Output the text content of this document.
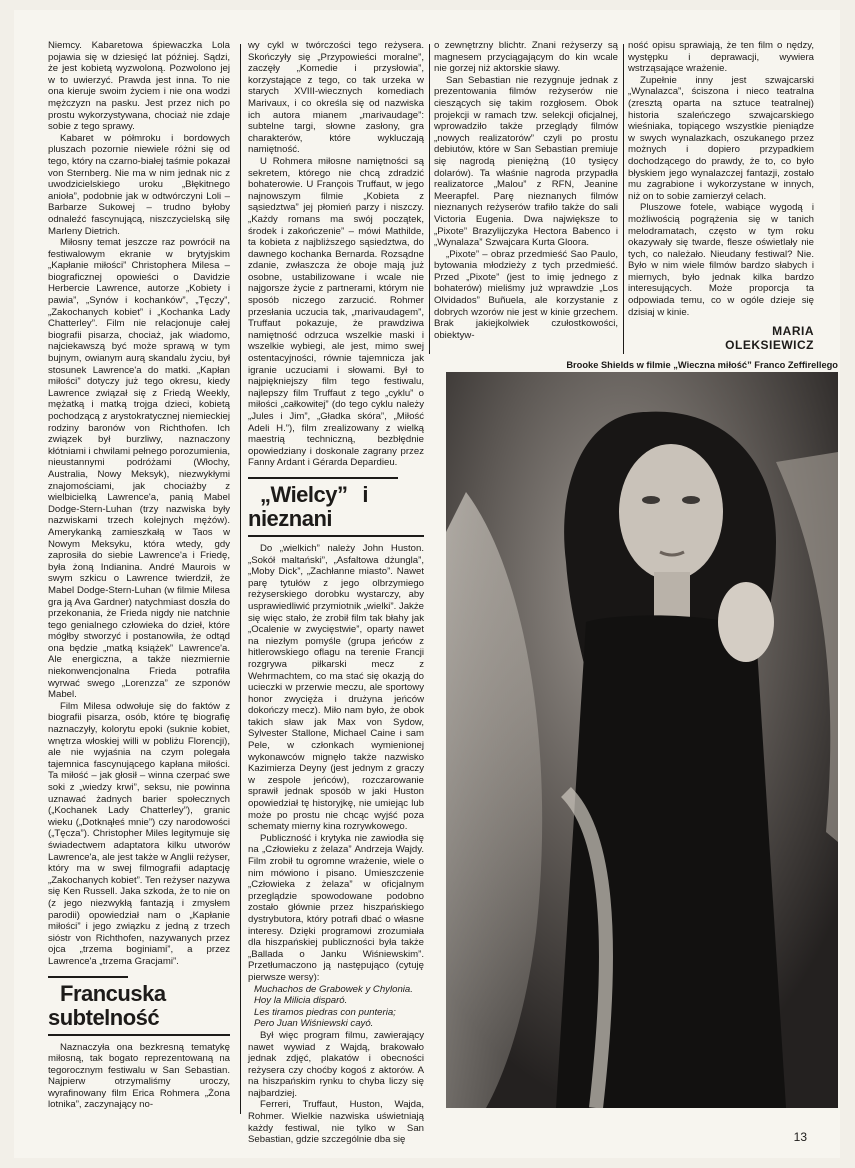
Niemcy. Kabaretowa śpiewaczka Lola pojawia się w dziesięć lat później. Sądzi, że jest kobietą wyzwoloną. Pozwolono jej w to uwierzyć. Prawda jest inna. To nie ona kieruje swoim życiem i nie ona wodzi mężczyzn na pasku. Jest przez nich po prostu wykorzystywana, chociaż nie zdaje sobie z tego sprawy.

Kabaret w półmroku i bordowych pluszach pozornie niewiele różni się od tego, który na czarno-białej taśmie pokazał von Sternberg. Nie ma w nim jednak nic z uwodzicielskiego uroku „Błękitnego anioła”, podobnie jak w odtwórczyni Loli – Barbarze Sukowej – trudno byłoby odnaleźć fascynującą, niszczycielską siłę Marleny Dietrich.

Miłosny temat jeszcze raz powrócił na festiwalowym ekranie w brytyjskim „Kapłanie miłości” Christophera Milesa – biograficznej opowieści o Davidzie Herbercie Lawrence, autorze „Kobiety i pawia”, „Synów i kochanków”, „Tęczy”, „Zakochanych kobiet” i „Kochanka Lady Chatterley”. Film nie relacjonuje całej biografii pisarza, chociaż, jak wiadomo, najciekawszą być może sprawą w tym bujnym, owianym aurą skandalu życiu, był stosunek Lawrence'a do matki. „Kapłan miłości” dotyczy już tego okresu, kiedy Lawrence związał się z Friedą Weekly, mężatką i matką trojga dzieci, kobietą pochodzącą z arystokratycznej niemieckiej rodziny baronów von Richthofen. Ich związek był burzliwy, naznaczony kłótniami i chwilami pełnego porozumienia, nieustannymi podróżami (Włochy, Australia, Nowy Meksyk), niezwykłymi znajomościami, jak chociażby z wielbicielką Lawrence'a, panią Mabel Dodge-Stern-Luhan (trzy nazwiska były nazwiskami trzech kolejnych mężów). Amerykanką zamieszkałą w Taos w Nowym Meksyku, która wtedy, gdy zaprosiła do siebie Lawrence'a i Friedę, była żoną Indianina. André Maurois w swym szkicu o Lawrence twierdził, że Mabel Dodge-Stern-Luhan (w filmie Milesa gra ją Ava Gardner) natychmiast doszła do przekonania, że Frieda nigdy nie natchnie tego genialnego człowieka do dzieł, które mógłby stworzyć i postanowiła, że odtąd ona będzie „matką książek” Lawrence'a. Ale energiczna, a także niezmiernie niekonwencjonalna Frieda potrafiła wyrwać swego „Lorenzza” ze szponów Mabel.

Film Milesa odwołuje się do faktów z biografii pisarza, osób, które tę biografię naznaczyły, kolorytu epoki (suknie kobiet, wnętrza włoskiej willi w pobliżu Florencji), ale nie wyjaśnia na czym polegała tajemnica fascynującego kapłana miłości. Ta miłość – jak głosił – winna czerpać swe soki z „wiedzy krwi”, seksu, nie powinna uznawać żadnych barier społecznych („Kochanek Lady Chatterley”), granic wieku („Dotknąłeś mnie”) czy narodowości („Tęcza”). Christopher Miles legitymuje się świadectwem adaptatora kilku utworów Lawrence'a, ale jest także w Anglii reżyser, który ma w swej filmografii adaptację „Zakochanych kobiet”. Ten reżyser nazywa się Ken Russell. Jaka szkoda, że to nie on (z jego niezwykłą fantazją i zmysłem parodii) opowiedział nam o „Kapłanie miłości” i jego związku z jedną z trzech sióstr von Richthofen, nazywanych przez ojca „trzema boginiami”, a przez Lawrence'a „trzema Gracjami”.

Francuska subtelność

Naznaczyła ona bezkresną tematykę miłosną, tak bogato reprezentowaną na tegorocznym festiwalu w San Sebastian. Najpierw otrzymaliśmy uroczy, wyrafinowany film Erica Rohmera „Żona lotnika”, zaczynający no-

wy cykl w twórczości tego reżysera. Skończyły się „Przypowieści moralne”, zaczęły „Komedie i przysłowia”, korzystające z tego, co tak urzeka w starych XVIII-wiecznych komediach Marivaux, i co określa się od nazwiska ich autora mianem „marivaudage”: subtelne targi, słowne zasłony, gra charakterów, które wykluczają namiętność.

U Rohmera miłosne namiętności są sekretem, którego nie chcą zdradzić bohaterowie. U François Truffaut, w jego najnowszym filmie „Kobieta z sąsiedztwa” jej płomień parzy i niszczy. „Każdy romans ma swój początek, środek i zakończenie” – mówi Mathilde, ta kobieta z najbliższego sąsiedztwa, do dawnego kochanka Bernarda. Rozsądne zdanie, zwłaszcza że oboje mają już osobne, ustabilizowane i wcale nie najgorsze życie z partnerami, którym nie sposób niczego zarzucić. Rohmer przesłania uczucia tak, „marivaudagem”, Truffaut pokazuje, że prawdziwa namiętność odrzuca wszelkie maski i wszelkie wybiegi, ale jest, mimo swej ostentacyjności, równie tajemnicza jak igranie uczuciami i słowami. Był to najpiękniejszy film tego festiwalu, najlepszy film Truffaut z tego „cyklu” o miłości „całkowitej” (do tego cyklu należy „Jules i Jim”, „Gładka skóra”, „Miłość Adeli H.”), film zrealizowany z wielką maestrią techniczną, bezbłędnie opowiedziany i doskonale zagrany przez Fanny Ardant i Gérarda Depardieu.

„Wielcy” i nieznani

Do „wielkich” należy John Huston. „Sokół maltański”, „Asfaltowa dżungla”, „Moby Dick”, „Zachłanne miasto”. Nawet parę tytułów z jego olbrzymiego reżyserskiego dorobku wystarczy, aby usprawiedliwić przymiotnik „wielki”. Jakże się więc stało, że zrobił film tak błahy jak „Ocalenie w zwycięstwie”, oparty nawet na niezłym pomyśle (grupa jeńców z hitlerowskiego oflagu na terenie Francji rozgrywa piłkarski mecz z Wehrmachtem, co ma stać się okazją do ucieczki w przerwie meczu, ale sportowy honor zwycięża i drużyna jeńców dokończy mecz). Miło nam było, że obok takich sław jak Max von Sydow, Sylvester Stallone, Michael Caine i sam Pele, w członkach wymienionej wykonawców mignęło także nazwisko Kazimierza Deyny (jest jednym z graczy w zespole jeńców), rozczarowanie sprawił jednak sposób w jaki Huston opowiedział tę historyjkę, nie umiejąc lub może po prostu nie chcąc wyjść poza schematy mierny kina rozrywkowego.

Publiczność i krytyka nie zawiodła się na „Człowieku z żelaza” Andrzeja Wajdy. Film zrobił tu ogromne wrażenie, wiele o nim mówiono i pisano. Umieszczenie „Człowieka z żelaza” w oficjalnym przeglądzie spowodowane podobno zostało głównie przez hiszpańskiego dystrybutora, który potrafi dbać o własne interesy. Dzięki programowi zrozumiała dla hiszpańskiej publiczności była także „Ballada o Janku Wiśniewskim”. Przetłumaczono ją następująco (cytuję pierwsze wersy):

Muchachos de Grabowek y Chylonia.

Hoy la Milicia disparó.

Les tiramos piedras con punteria;

Pero Juan Wiśniewski cayó.

Był więc program filmu, zawierający nawet wywiad z Wajdą, brakowało jednak zdjęć, plakatów i obecności reżysera czy choćby kogoś z aktorów. A na hiszpańskim rynku to chyba liczy się najbardziej.

Ferreri, Truffaut, Huston, Wajda, Rohmer. Wielkie nazwiska uświetniają każdy festiwal, nie tylko w San Sebastian, gdzie szczególnie dba się

o zewnętrzny blichtr. Znani reżyserzy są magnesem przyciągającym do kin wcale nie gorzej niż aktorskie sławy.

San Sebastian nie rezygnuje jednak z prezentowania filmów reżyserów nie cieszących się takim rozgłosem. Obok projekcji w ramach tzw. selekcji oficjalnej, wprowadziło także przeglądy filmów „nowych realizatorów” czyli po prostu debiutów, które w San Sebastian premiuje się nagrodą pieniężną (10 tysięcy dolarów). Ta właśnie nagroda przypadła realizatorce „Malou” z RFN, Jeanine Meerapfel. Parę nieznanych filmów nieznanych reżyserów trafiło także do sali Victoria Eugenia. Dwa największe to „Pixote” Brazylijczyka Hectora Babenco i „Wynalaza” Szwajcara Kurta Gloora.

„Pixote” – obraz przedmieść Sao Paulo, bytowania młodzieży z tych przedmieść. Przed „Pixote” (jest to imię jednego z bohaterów) mieliśmy już wprawdzie „Los Olvidados” Buñuela, ale korzystanie z dobrych wzorów nie jest w kinie grzechem. Brak jakiejkolwiek czułostkowości, obiektyw-

ność opisu sprawiają, że ten film o nędzy, występku i deprawacji, wywiera wstrząsające wrażenie.

Zupełnie inny jest szwajcarski „Wynalazca”, ściszona i nieco teatralna (zresztą oparta na sztuce teatralnej) historia szaleńczego szwajcarskiego wieśniaka, topiącego wszystkie pieniądze w swych wynalazkach, oszukanego przez możnych i dopiero przypadkiem dochodzącego do prawdy, że to, co było błyskiem jego wynalazczej fantazji, zostało mu zagrabione i wykorzystane w innych, niż on to sobie zamierzył celach.

Pluszowe fotele, wabiące wygodą i możliwością pogrążenia się w tanich melodramatach, często w tym roku okazywały się twarde, flesze oświetlały nie tych, co należało. Nieudany festiwal? Nie. Było w nim wiele filmów bardzo słabych i miernych, było jednak kilka bardzo interesujących. Może proporcja ta odpowiada temu, co w ogóle dzieje się dzisiaj w kinie.

MARIA

OLEKSIEWICZ

Brooke Shields w filmie „Wieczna miłość” Franco Zeffirellego
13
